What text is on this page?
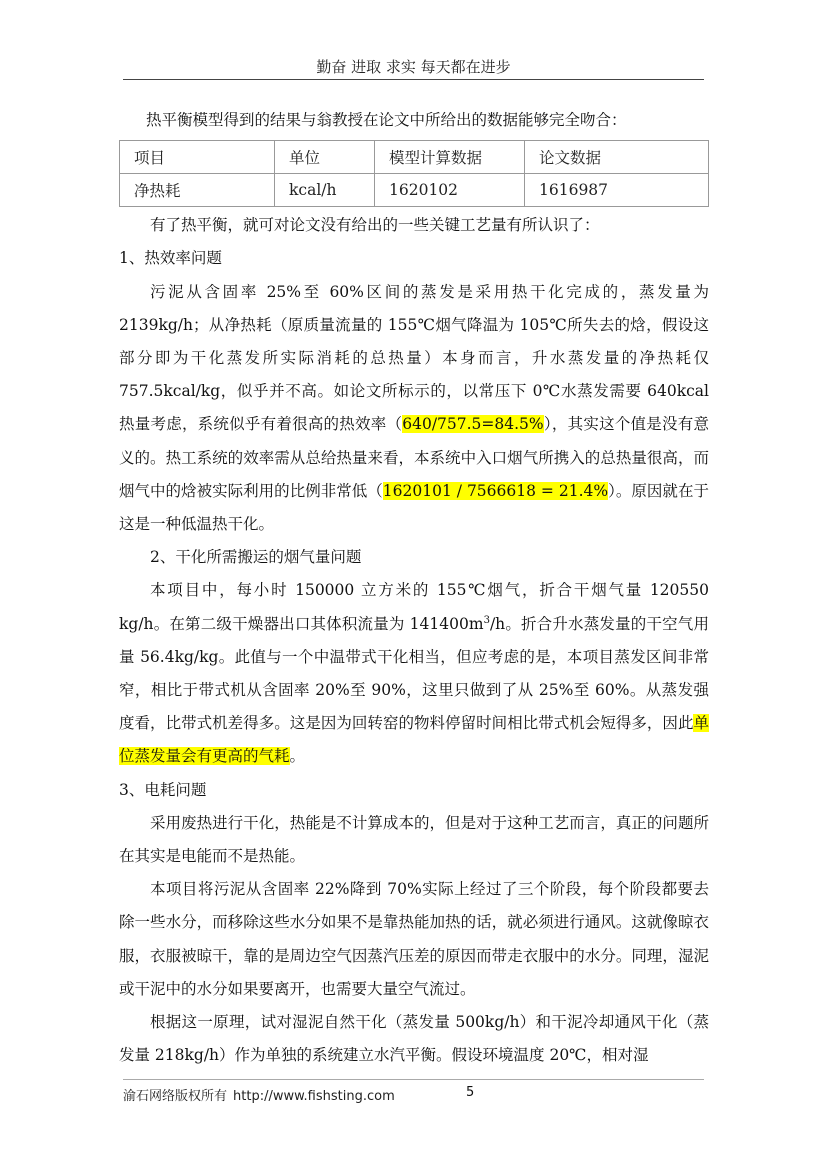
勤奋 进取 求实 每天都在进步

热平衡模型得到的结果与翁教授在论文中所给出的数据能够完全吻合：

项目	单位	模型计算数据	论文数据
净热耗	kcal/h	1620102	1616987

有了热平衡，就可对论文没有给出的一些关键工艺量有所认识了：

1、热效率问题

污泥从含固率 25%至 60%区间的蒸发是采用热干化完成的，蒸发量为 2139kg/h；从净热耗（原质量流量的 155℃烟气降温为 105℃所失去的焓，假设这部分即为干化蒸发所实际消耗的总热量）本身而言，升水蒸发量的净热耗仅 757.5kcal/kg，似乎并不高。如论文所标示的，以常压下 0℃水蒸发需要 640kcal 热量考虑，系统似乎有着很高的热效率（640/757.5=84.5%），其实这个值是没有意义的。热工系统的效率需从总给热量来看，本系统中入口烟气所携入的总热量很高，而烟气中的焓被实际利用的比例非常低（1620101 / 7566618 = 21.4%）。原因就在于这是一种低温热干化。

2、干化所需搬运的烟气量问题

本项目中，每小时 150000 立方米的 155℃烟气，折合干烟气量 120550 kg/h。在第二级干燥器出口其体积流量为 $141400m^3/h$。折合升水蒸发量的干空气用量 56.4kg/kg。此值与一个中温带式干化相当，但应考虑的是，本项目蒸发区间非常窄，相比于带式机从含固率 20%至 90%，这里只做到了从 25%至 60%。从蒸发强度看，比带式机差得多。这是因为回转窑的物料停留时间相比带式机会短得多，因此单位蒸发量会有更高的气耗。

3、电耗问题

采用废热进行干化，热能是不计算成本的，但是对于这种工艺而言，真正的问题所在其实是电能而不是热能。

本项目将污泥从含固率 22%降到 70%实际上经过了三个阶段，每个阶段都要去除一些水分，而移除这些水分如果不是靠热能加热的话，就必须进行通风。这就像晾衣服，衣服被晾干，靠的是周边空气因蒸汽压差的原因而带走衣服中的水分。同理，湿泥或干泥中的水分如果要离开，也需要大量空气流过。

根据这一原理，试对湿泥自然干化（蒸发量 500kg/h）和干泥冷却通风干化（蒸发量 218kg/h）作为单独的系统建立水汽平衡。假设环境温度 20℃，相对湿

渝石网络版权所有 http://www.fishsting.com	5
